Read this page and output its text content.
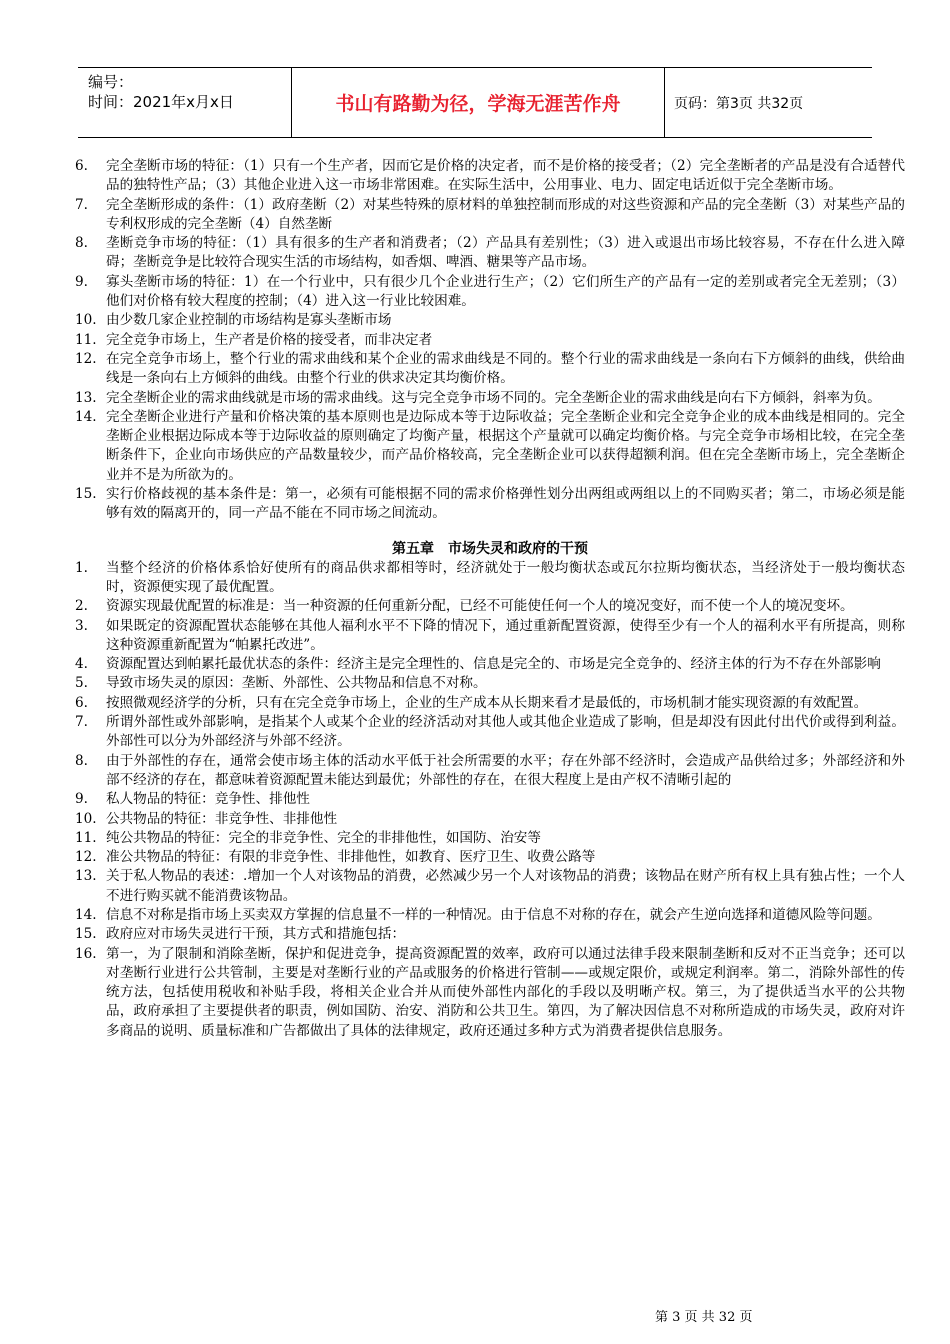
编号：
时间：2021年x月x日	书山有路勤为径，学海无涯苦作舟	页码：第3页 共32页
6.	完全垄断市场的特征：（1）只有一个生产者，因而它是价格的决定者，而不是价格的接受者；（2）完全垄断者的产品是没有合适替代品的独特性产品；（3）其他企业进入这一市场非常困难。在实际生活中，公用事业、电力、固定电话近似于完全垄断市场。
7.	完全垄断形成的条件：（1）政府垄断（2）对某些特殊的原材料的单独控制而形成的对这些资源和产品的完全垄断（3）对某些产品的专利权形成的完全垄断（4）自然垄断
8.	垄断竞争市场的特征：（1）具有很多的生产者和消费者；（2）产品具有差别性；（3）进入或退出市场比较容易，不存在什么进入障碍；垄断竞争是比较符合现实生活的市场结构，如香烟、啤酒、糖果等产品市场。
9.	寡头垄断市场的特征：1）在一个行业中，只有很少几个企业进行生产；（2）它们所生产的产品有一定的差别或者完全无差别；（3）他们对价格有较大程度的控制；（4）进入这一行业比较困难。
10. 由少数几家企业控制的市场结构是寡头垄断市场
11. 完全竞争市场上，生产者是价格的接受者，而非决定者
12. 在完全竞争市场上，整个行业的需求曲线和某个企业的需求曲线是不同的。整个行业的需求曲线是一条向右下方倾斜的曲线，供给曲线是一条向右上方倾斜的曲线。由整个行业的供求决定其均衡价格。
13. 完全垄断企业的需求曲线就是市场的需求曲线。这与完全竞争市场不同的。完全垄断企业的需求曲线是向右下方倾斜，斜率为负。
14. 完全垄断企业进行产量和价格决策的基本原则也是边际成本等于边际收益；完全垄断企业和完全竞争企业的成本曲线是相同的。完全垄断企业根据边际成本等于边际收益的原则确定了均衡产量，根据这个产量就可以确定均衡价格。与完全竞争市场相比较，在完全垄断条件下，企业向市场供应的产品数量较少，而产品价格较高，完全垄断企业可以获得超额利润。但在完全垄断市场上，完全垄断企业并不是为所欲为的。
15. 实行价格歧视的基本条件是：第一，必须有可能根据不同的需求价格弹性划分出两组或两组以上的不同购买者；第二，市场必须是能够有效的隔离开的，同一产品不能在不同市场之间流动。
第五章　市场失灵和政府的干预
1.	当整个经济的价格体系恰好使所有的商品供求都相等时，经济就处于一般均衡状态或瓦尔拉斯均衡状态，当经济处于一般均衡状态时，资源便实现了最优配置。
2.	资源实现最优配置的标准是：当一种资源的任何重新分配，已经不可能使任何一个人的境况变好，而不使一个人的境况变坏。
3.	如果既定的资源配置状态能够在其他人福利水平不下降的情况下，通过重新配置资源，使得至少有一个人的福利水平有所提高，则称这种资源重新配置为“帕累托改进”。
4.	资源配置达到帕累托最优状态的条件：经济主是完全理性的、信息是完全的、市场是完全竞争的、经济主体的行为不存在外部影响
5.	导致市场失灵的原因：垄断、外部性、公共物品和信息不对称。
6.	按照微观经济学的分析，只有在完全竞争市场上，企业的生产成本从长期来看才是最低的，市场机制才能实现资源的有效配置。
7.	所谓外部性或外部影响，是指某个人或某个企业的经济活动对其他人或其他企业造成了影响，但是却没有因此付出代价或得到利益。外部性可以分为外部经济与外部不经济。
8.	由于外部性的存在，通常会使市场主体的活动水平低于社会所需要的水平；存在外部不经济时，会造成产品供给过多；外部经济和外部不经济的存在，都意味着资源配置未能达到最优；外部性的存在，在很大程度上是由产权不清晰引起的
9.	私人物品的特征：竞争性、排他性
10. 公共物品的特征：非竞争性、非排他性
11. 纯公共物品的特征：完全的非竞争性、完全的非排他性，如国防、治安等
12. 准公共物品的特征：有限的非竞争性、非排他性，如教育、医疗卫生、收费公路等
13. 关于私人物品的表述：.增加一个人对该物品的消费，必然减少另一个人对该物品的消费；该物品在财产所有权上具有独占性；一个人不进行购买就不能消费该物品。
14. 信息不对称是指市场上买卖双方掌握的信息量不一样的一种情况。由于信息不对称的存在，就会产生逆向选择和道德风险等问题。
15. 政府应对市场失灵进行干预，其方式和措施包括：
16. 第一，为了限制和消除垄断，保护和促进竞争，提高资源配置的效率，政府可以通过法律手段来限制垄断和反对不正当竞争；还可以对垄断行业进行公共管制，主要是对垄断行业的产品或服务的价格进行管制——或规定限价，或规定利润率。第二，消除外部性的传统方法，包括使用税收和补贴手段，将相关企业合并从而使外部性内部化的手段以及明晰产权。第三，为了提供适当水平的公共物品，政府承担了主要提供者的职责，例如国防、治安、消防和公共卫生。第四，为了解决因信息不对称所造成的市场失灵，政府对许多商品的说明、质量标准和广告都做出了具体的法律规定，政府还通过多种方式为消费者提供信息服务。
第 3 页 共 32 页
